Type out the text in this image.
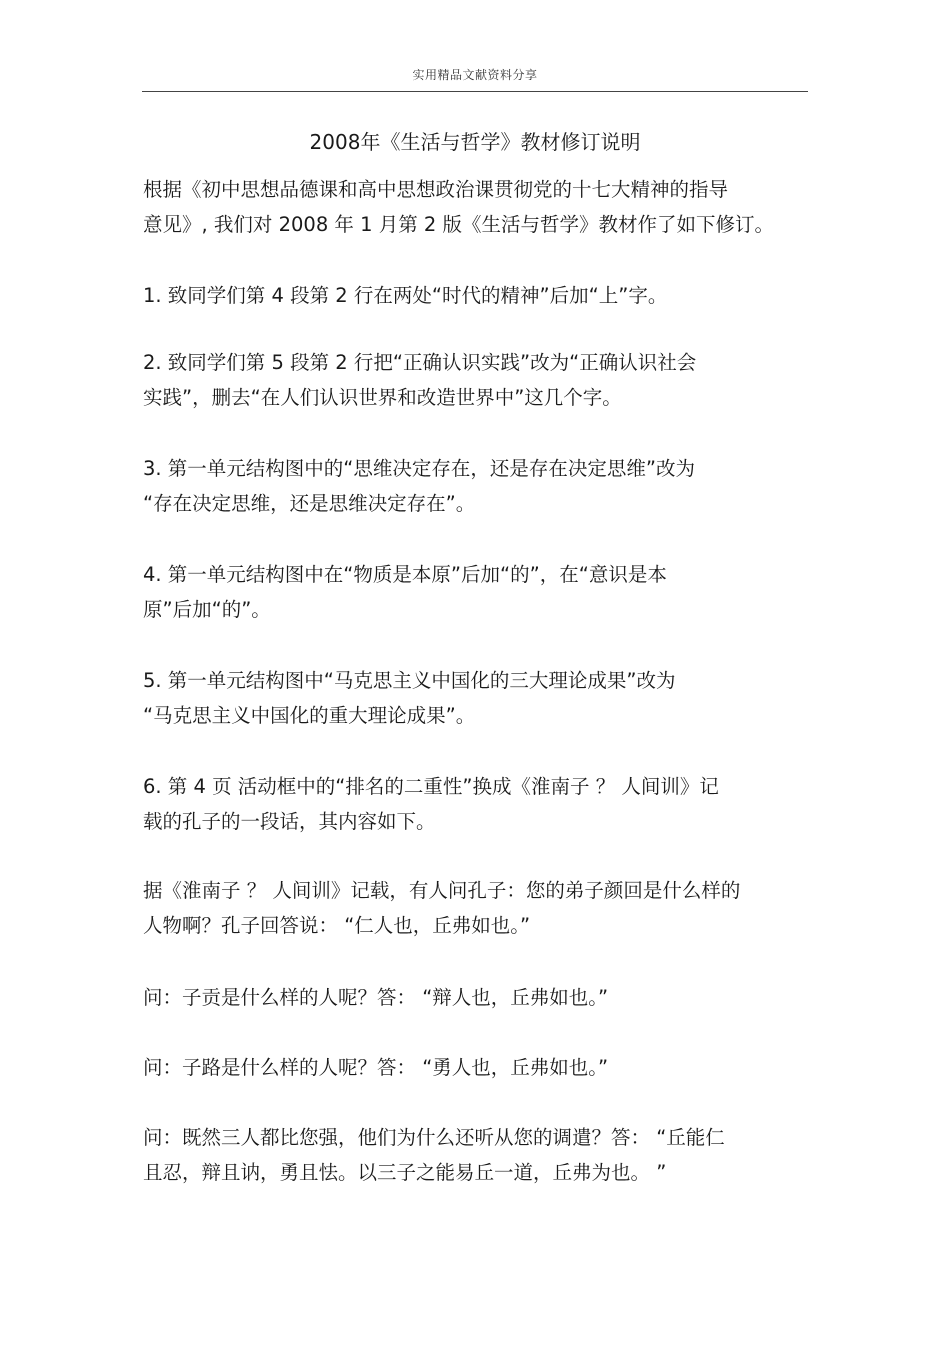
实用精品文献资料分享
2008年《生活与哲学》教材修订说明
根据《初中思想品德课和高中思想政治课贯彻党的十七大精神的指导
意见》, 我们对 2008 年 1 月第 2 版《生活与哲学》教材作了如下修订。
1. 致同学们第 4 段第 2 行在两处“时代的精神”后加“上”字。
2. 致同学们第 5 段第 2 行把“正确认识实践”改为“正确认识社会
实践”，删去“在人们认识世界和改造世界中”这几个字。
3. 第一单元结构图中的“思维决定存在，还是存在决定思维”改为
“存在决定思维，还是思维决定存在”。
4. 第一单元结构图中在“物质是本原”后加“的”，在“意识是本
原”后加“的”。
5. 第一单元结构图中“马克思主义中国化的三大理论成果”改为
“马克思主义中国化的重大理论成果”。
6. 第 4 页 活动框中的“排名的二重性”换成《淮南子 ？ 人间训》记
载的孔子的一段话，其内容如下。
据《淮南子 ？ 人间训》记载，有人问孔子：您的弟子颜回是什么样的
人物啊？孔子回答说： “仁人也，丘弗如也。”
问：子贡是什么样的人呢？答： “辩人也，丘弗如也。”
问：子路是什么样的人呢？答： “勇人也，丘弗如也。”
问：既然三人都比您强，他们为什么还听从您的调遣？答： “丘能仁
且忍，辩且讷，勇且怯。以三子之能易丘一道，丘弗为也。 ”
